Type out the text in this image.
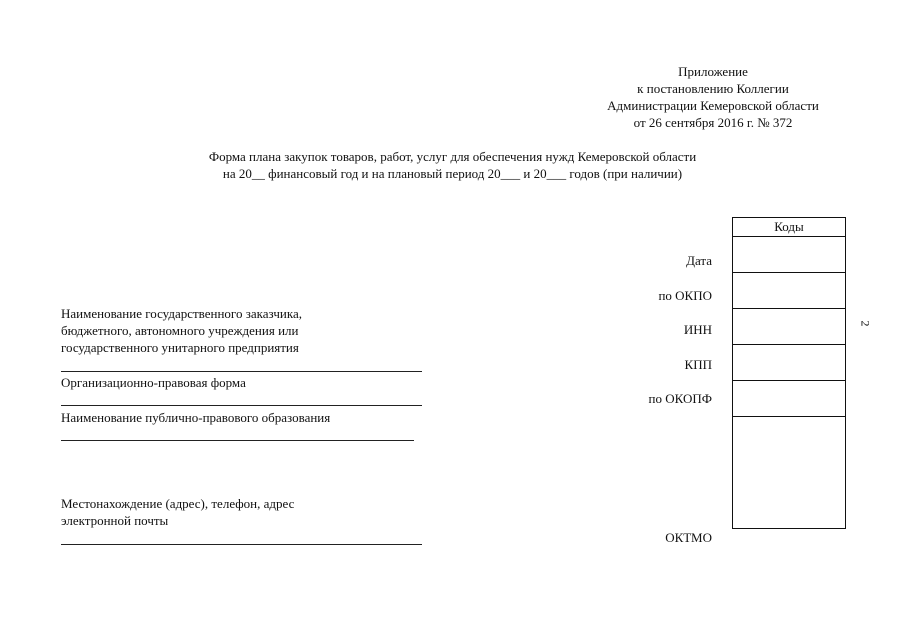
Приложение
к постановлению Коллегии
Администрации Кемеровской области
от 26 сентября 2016 г. № 372
Форма плана закупок товаров, работ, услуг для обеспечения нужд Кемеровской области
на 20__ финансовый год и на плановый период 20___ и 20___ годов (при наличии)
Наименование государственного заказчика,
бюджетного, автономного учреждения или
государственного унитарного предприятия
Организационно-правовая форма
Наименование публично-правового образования
Местонахождение (адрес), телефон, адрес
электронной почты
Дата
по ОКПО
ИНН
КПП
по ОКОПФ
ОКТМО
Коды
2
